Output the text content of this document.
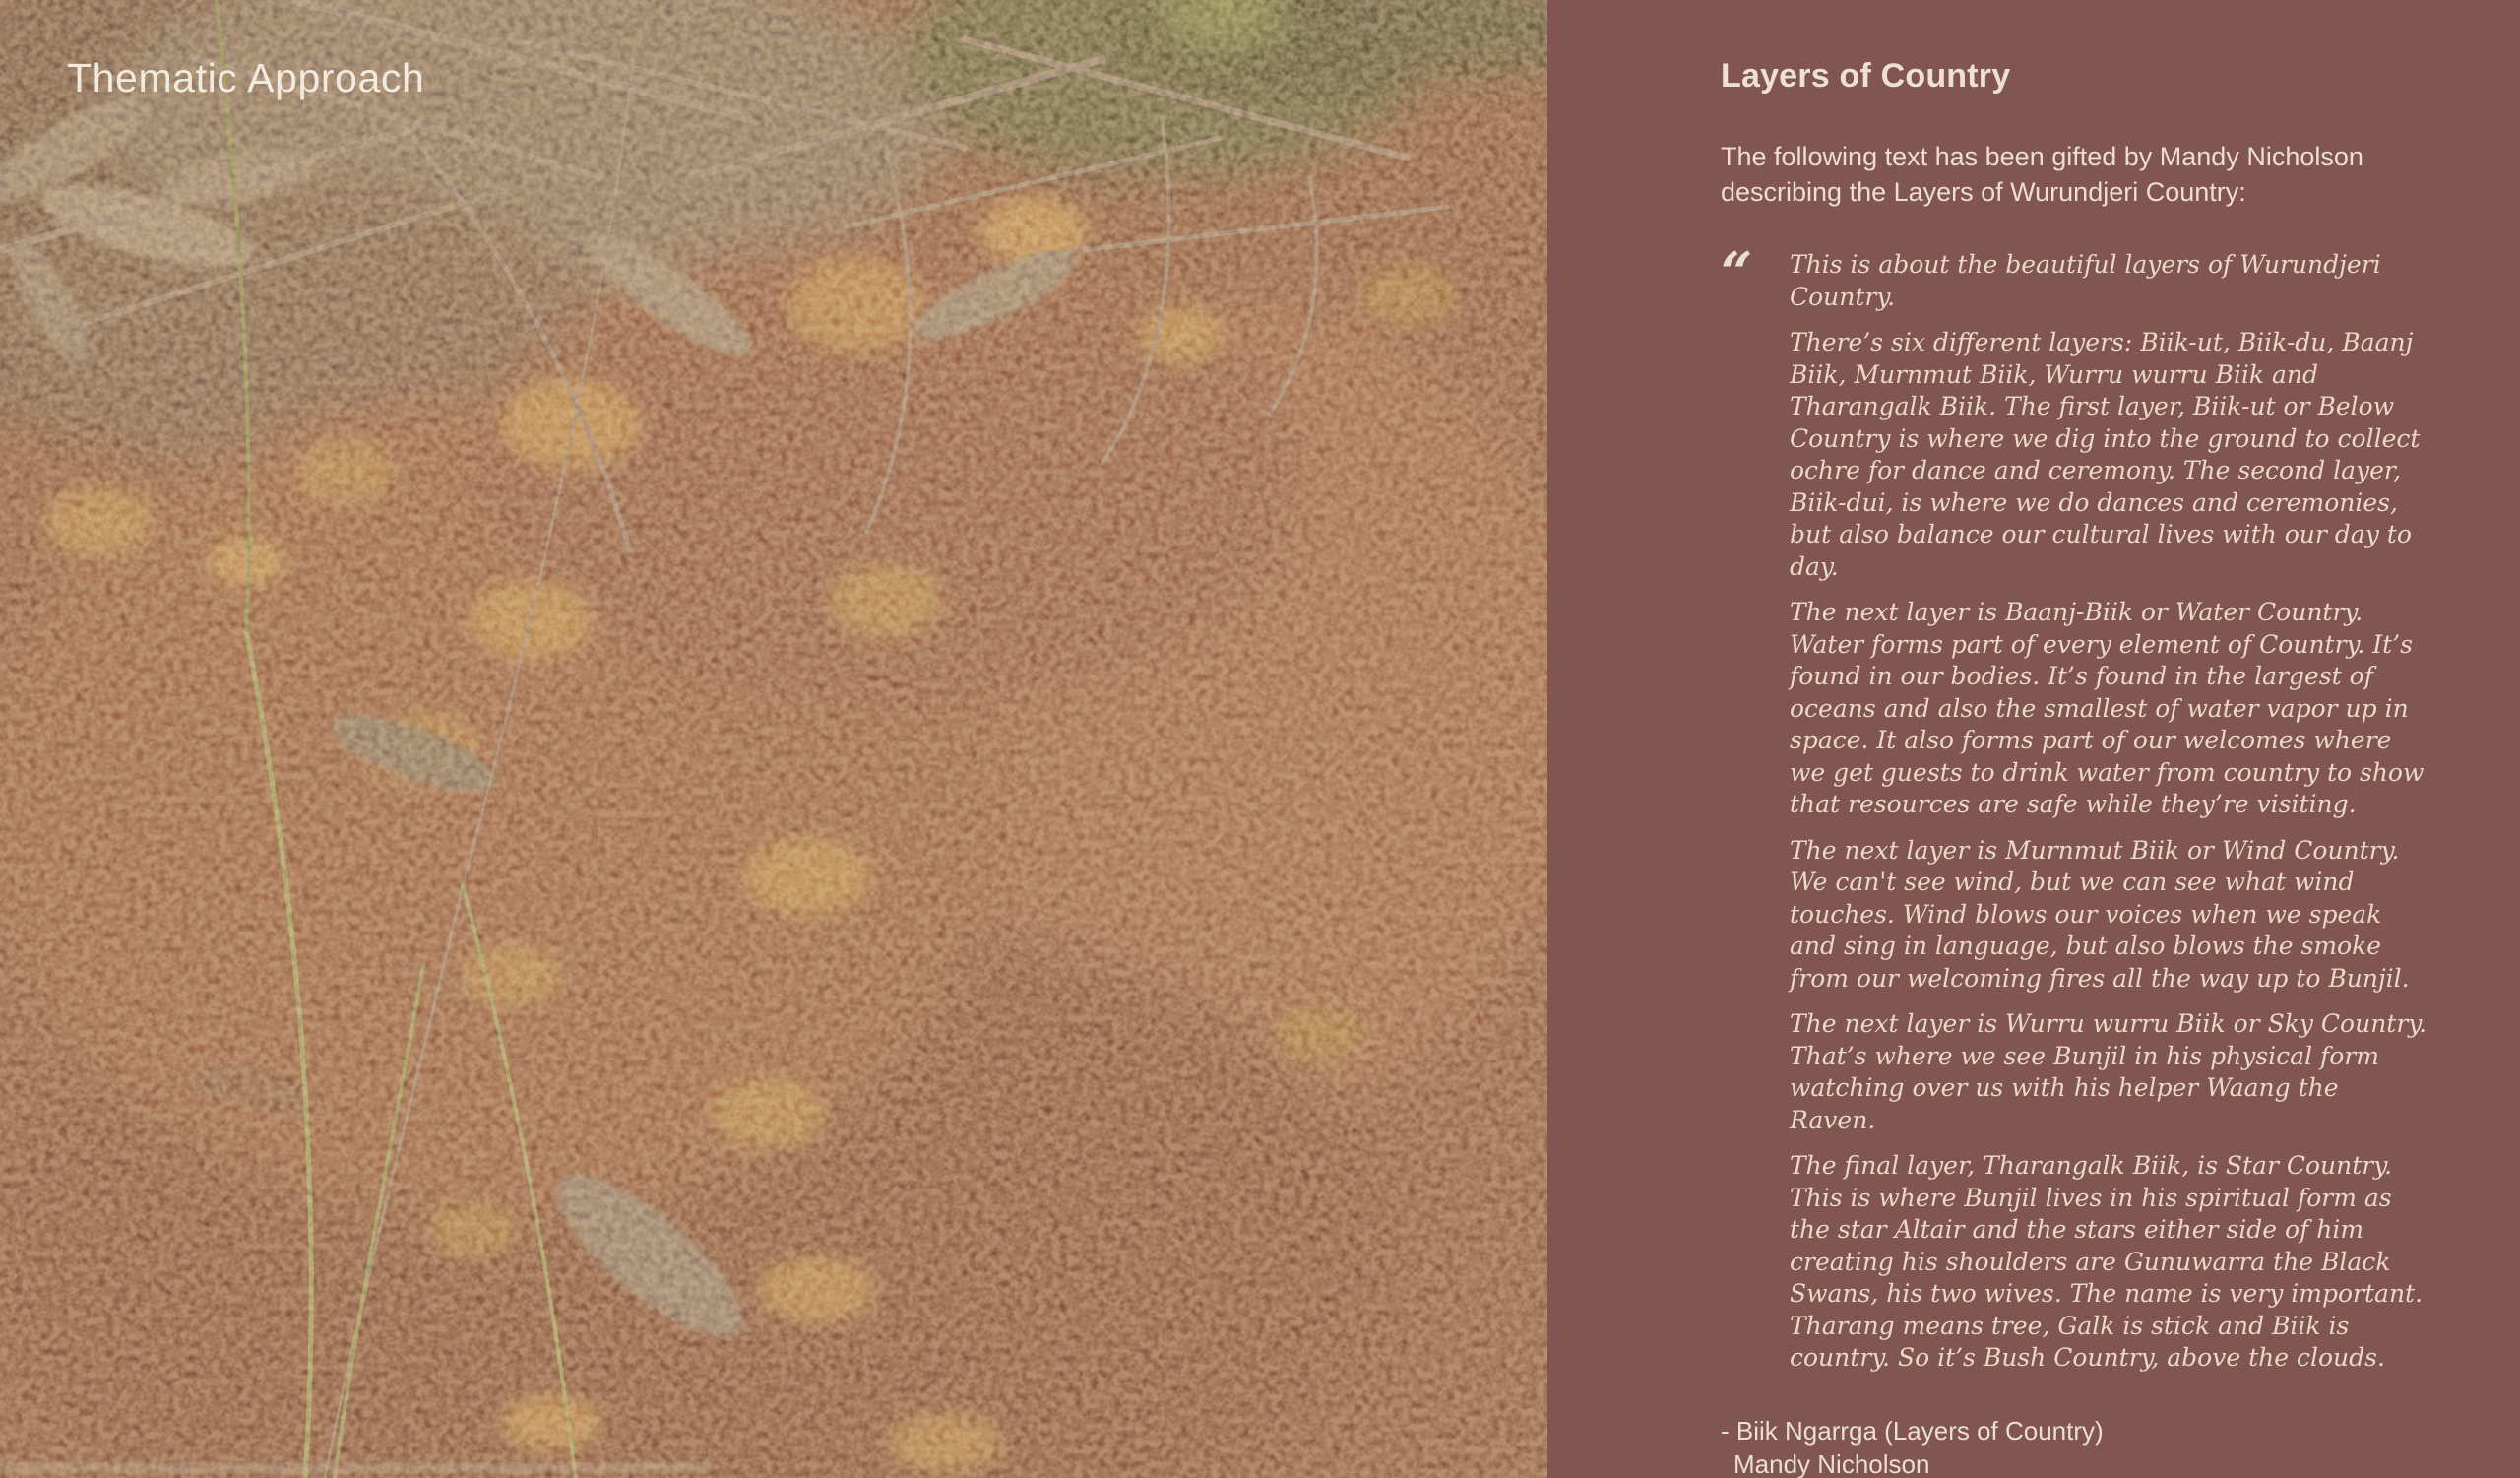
Thematic Approach	Layers of Country

The following text has been gifted by Mandy Nicholson describing the Layers of Wurundjeri Country:

“	This is about the beautiful layers of Wurundjeri Country.

There’s six different layers: Biik-ut, Biik-du, Baanj Biik, Murnmut Biik, Wurru wurru Biik and Tharangalk Biik. The first layer, Biik-ut or Below Country is where we dig into the ground to collect ochre for dance and ceremony. The second layer, Biik-dui, is where we do dances and ceremonies, but also balance our cultural lives with our day to day.

The next layer is Baanj-Biik or Water Country. Water forms part of every element of Country. It’s found in our bodies. It’s found in the largest of oceans and also the smallest of water vapor up in space. It also forms part of our welcomes where we get guests to drink water from country to show that resources are safe while they’re visiting.

The next layer is Murnmut Biik or Wind Country. We can't see wind, but we can see what wind touches. Wind blows our voices when we speak and sing in language, but also blows the smoke from our welcoming fires all the way up to Bunjil.

The next layer is Wurru wurru Biik or Sky Country. That’s where we see Bunjil in his physical form watching over us with his helper Waang the Raven.

The final layer, Tharangalk Biik, is Star Country. This is where Bunjil lives in his spiritual form as the star Altair and the stars either side of him creating his shoulders are Gunuwarra the Black Swans, his two wives. The name is very important. Tharang means tree, Galk is stick and Biik is country. So it’s Bush Country, above the clouds.

- Biik Ngarrga (Layers of Country)
Mandy Nicholson
